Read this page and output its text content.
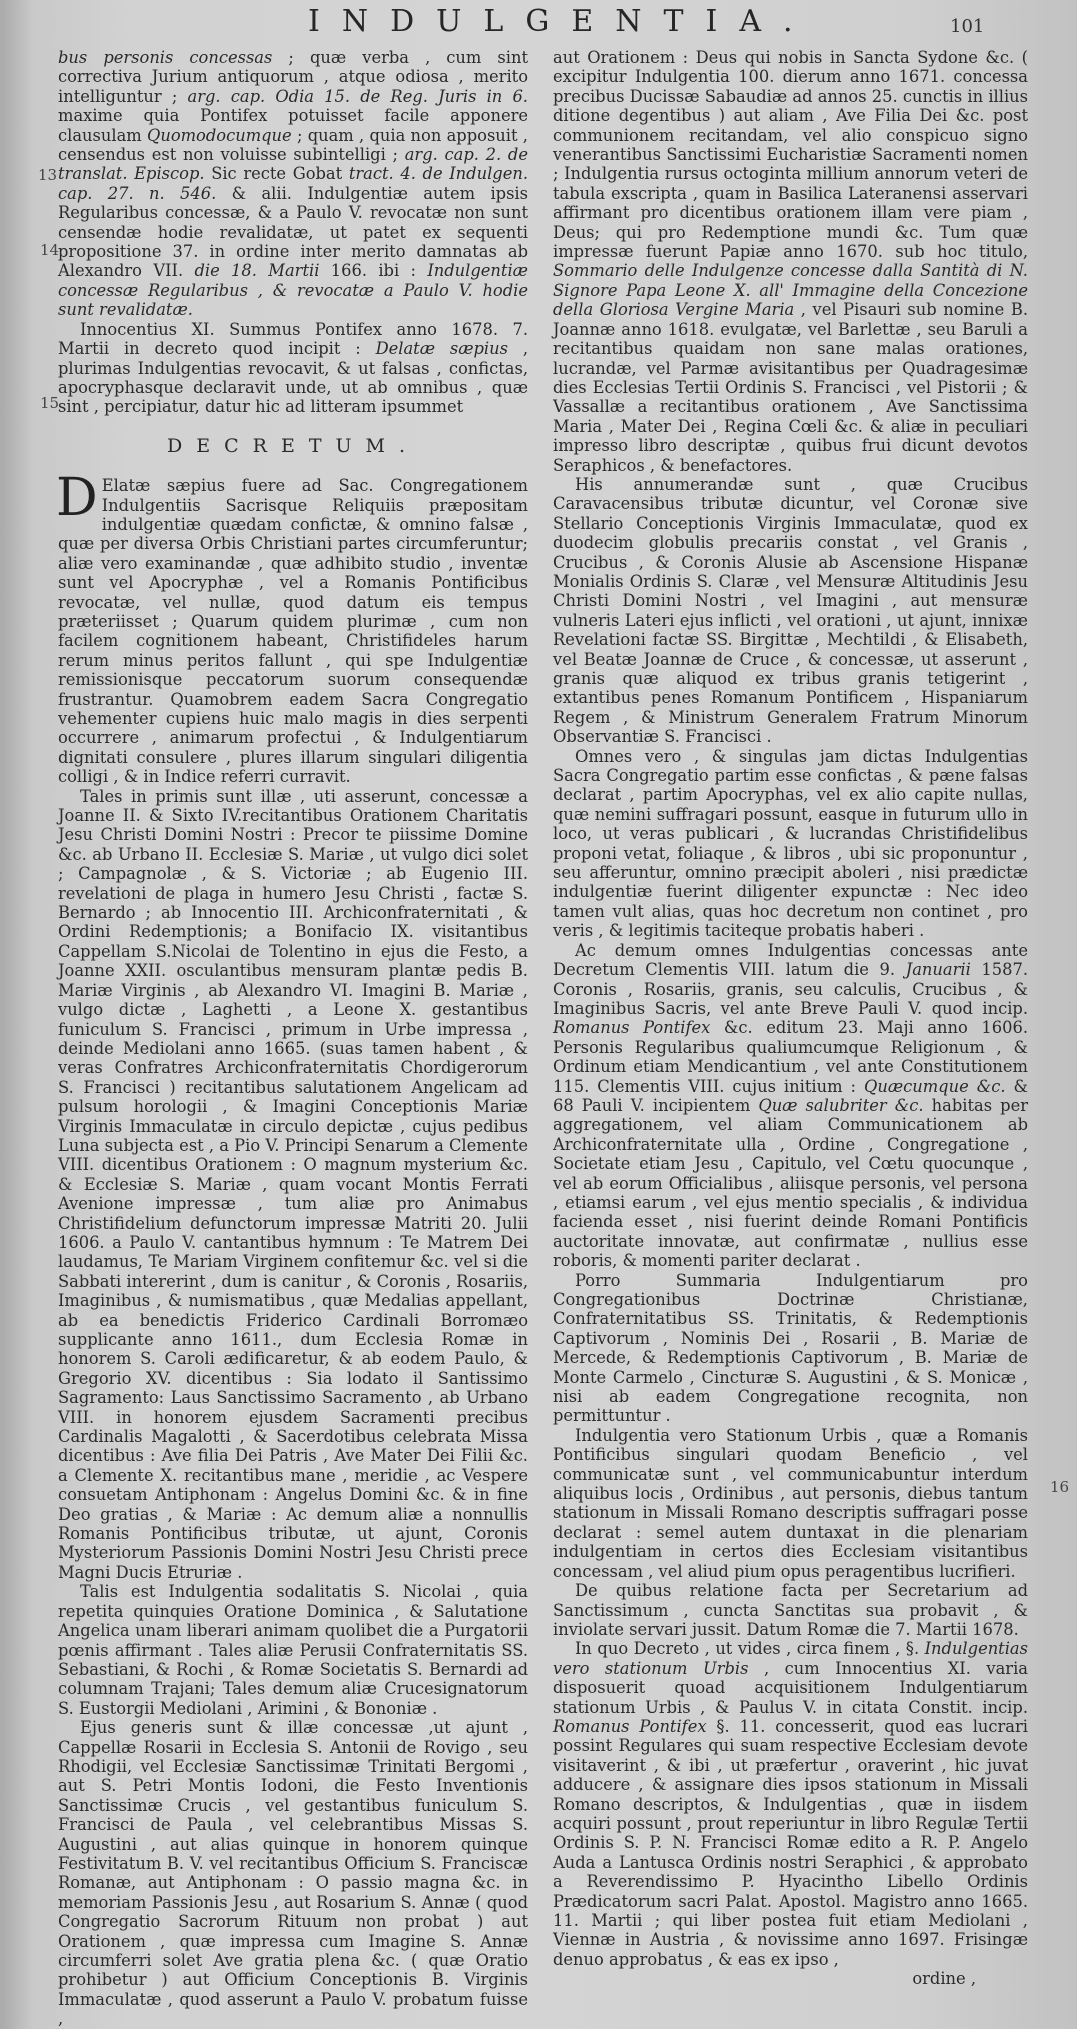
INDULGENTIA.	101
13
14
15
16

bus personis concessas ; quæ verba , cum sint correctiva Jurium antiquorum , atque odiosa , merito intelliguntur ; arg. cap. Odia 15. de Reg. Juris in 6. maxime quia Pontifex potuisset facile apponere clausulam Quomodocumque ; quam , quia non apposuit , censendus est non voluisse subintelligi ; arg. cap. 2. de translat. Episcop. Sic recte Gobat tract. 4. de Indulgen. cap. 27. n. 546. & alii. Indulgentiæ autem ipsis Regularibus concessæ, & a Paulo V. revocatæ non sunt censendæ hodie revalidatæ, ut patet ex sequenti propositione 37. in ordine inter merito damnatas ab Alexandro VII. die 18. Martii 166. ibi : Indulgentiæ concessæ Regularibus , & revocatæ a Paulo V. hodie sunt revalidatæ.

Innocentius XI. Summus Pontifex anno 1678. 7. Martii in decreto quod incipit : Delatæ sæpius , plurimas Indulgentias revocavit, & ut falsas , confictas, apocryphasque declaravit unde, ut ab omnibus , quæ sint , percipiatur, datur hic ad litteram ipsummet

DECRETUM.

D Elatæ sæpius fuere ad Sac. Congregationem Indulgentiis Sacrisque Reliquiis præpositam indulgentiæ quædam confictæ, & omnino falsæ , quæ per diversa Orbis Christiani partes circumferuntur; aliæ vero examinandæ , quæ adhibito studio , inventæ sunt vel Apocryphæ , vel a Romanis Pontificibus revocatæ, vel nullæ, quod datum eis tempus præteriisset ; Quarum quidem plurimæ , cum non facilem cognitionem habeant, Christifideles harum rerum minus peritos fallunt , qui spe Indulgentiæ remissionisque peccatorum suorum consequendæ frustrantur. Quamobrem eadem Sacra Congregatio vehementer cupiens huic malo magis in dies serpenti occurrere , animarum profectui , & Indulgentiarum dignitati consulere , plures illarum singulari diligentia colligi , & in Indice referri curravit.

Tales in primis sunt illæ , uti asserunt, concessæ a Joanne II. & Sixto IV.recitantibus Orationem Charitatis Jesu Christi Domini Nostri : Precor te piissime Domine &c. ab Urbano II. Ecclesiæ S. Mariæ , ut vulgo dici solet ; Campagnolæ , & S. Victoriæ ; ab Eugenio III. revelationi de plaga in humero Jesu Christi , factæ S. Bernardo ; ab Innocentio III. Archiconfraternitati , & Ordini Redemptionis; a Bonifacio IX. visitantibus Cappellam S.Nicolai de Tolentino in ejus die Festo, a Joanne XXII. osculantibus mensuram plantæ pedis B. Mariæ Virginis , ab Alexandro VI. Imagini B. Mariæ , vulgo dictæ , Laghetti , a Leone X. gestantibus funiculum S. Francisci , primum in Urbe impressa , deinde Mediolani anno 1665. (suas tamen habent , & veras Confratres Archiconfraternitatis Chordigerorum S. Francisci ) recitantibus salutationem Angelicam ad pulsum horologii , & Imagini Conceptionis Mariæ Virginis Immaculatæ in circulo depictæ , cujus pedibus Luna subjecta est , a Pio V. Principi Senarum a Clemente VIII. dicentibus Orationem : O magnum mysterium &c. & Ecclesiæ S. Mariæ , quam vocant Montis Ferrati Avenione impressæ , tum aliæ pro Animabus Christifidelium defunctorum impressæ Matriti 20. Julii 1606. a Paulo V. cantantibus hymnum : Te Matrem Dei laudamus, Te Mariam Virginem confitemur &c. vel si die Sabbati intererint , dum is canitur , & Coronis , Rosariis, Imaginibus , & numismatibus , quæ Medalias appellant, ab ea benedictis Friderico Cardinali Borromæo supplicante anno 1611., dum Ecclesia Romæ in honorem S. Caroli ædificaretur, & ab eodem Paulo, & Gregorio XV. dicentibus : Sia lodato il Santissimo Sagramento: Laus Sanctissimo Sacramento , ab Urbano VIII. in honorem ejusdem Sacramenti precibus Cardinalis Magalotti , & Sacerdotibus celebrata Missa dicentibus : Ave filia Dei Patris , Ave Mater Dei Filii &c. a Clemente X. recitantibus mane , meridie , ac Vespere consuetam Antiphonam : Angelus Domini &c. & in fine Deo gratias , & Mariæ : Ac demum aliæ a nonnullis Romanis Pontificibus tributæ, ut ajunt, Coronis Mysteriorum Passionis Domini Nostri Jesu Christi prece Magni Ducis Etruriæ .

Talis est Indulgentia sodalitatis S. Nicolai , quia repetita quinquies Oratione Dominica , & Salutatione Angelica unam liberari animam quolibet die a Purgatorii pœnis affirmant . Tales aliæ Perusii Confraternitatis SS. Sebastiani, & Rochi , & Romæ Societatis S. Bernardi ad columnam Trajani; Tales demum aliæ Crucesignatorum S. Eustorgii Mediolani , Arimini , & Bononiæ .

Ejus generis sunt & illæ concessæ ,ut ajunt , Cappellæ Rosarii in Ecclesia S. Antonii de Rovigo , seu Rhodigii, vel Ecclesiæ Sanctissimæ Trinitati Bergomi , aut S. Petri Montis Iodoni, die Festo Inventionis Sanctissimæ Crucis , vel gestantibus funiculum S. Francisci de Paula , vel celebrantibus Missas S. Augustini , aut alias quinque in honorem quinque Festivitatum B. V. vel recitantibus Officium S. Franciscæ Romanæ, aut Antiphonam : O passio magna &c. in memoriam Passionis Jesu , aut Rosarium S. Annæ ( quod Congregatio Sacrorum Rituum non probat ) aut Orationem , quæ impressa cum Imagine S. Annæ circumferri solet Ave gratia plena &c. ( quæ Oratio prohibetur ) aut Officium Conceptionis B. Virginis Immaculatæ , quod asserunt a Paulo V. probatum fuisse ,

aut Orationem : Deus qui nobis in Sancta Sydone &c. ( excipitur Indulgentia 100. dierum anno 1671. concessa precibus Ducissæ Sabaudiæ ad annos 25. cunctis in illius ditione degentibus ) aut aliam , Ave Filia Dei &c. post communionem recitandam, vel alio conspicuo signo venerantibus Sanctissimi Eucharistiæ Sacramenti nomen ; Indulgentia rursus octoginta millium annorum veteri de tabula exscripta , quam in Basilica Lateranensi asservari affirmant pro dicentibus orationem illam vere piam , Deus; qui pro Redemptione mundi &c. Tum quæ impressæ fuerunt Papiæ anno 1670. sub hoc titulo, Sommario delle Indulgenze concesse dalla Santità di N. Signore Papa Leone X. all' Immagine della Concezione della Gloriosa Vergine Maria , vel Pisauri sub nomine B. Joannæ anno 1618. evulgatæ, vel Barlettæ , seu Baruli a recitantibus quaidam non sane malas orationes, lucrandæ, vel Parmæ avisitantibus per Quadragesimæ dies Ecclesias Tertii Ordinis S. Francisci , vel Pistorii ; & Vassallæ a recitantibus orationem , Ave Sanctissima Maria , Mater Dei , Regina Cœli &c. & aliæ in peculiari impresso libro descriptæ , quibus frui dicunt devotos Seraphicos , & benefactores.

His annumerandæ sunt , quæ Crucibus Caravacensibus tributæ dicuntur, vel Coronæ sive Stellario Conceptionis Virginis Immaculatæ, quod ex duodecim globulis precariis constat , vel Granis , Crucibus , & Coronis Alusie ab Ascensione Hispanæ Monialis Ordinis S. Claræ , vel Mensuræ Altitudinis Jesu Christi Domini Nostri , vel Imagini , aut mensuræ vulneris Lateri ejus inflicti , vel orationi , ut ajunt, innixæ Revelationi factæ SS. Birgittæ , Mechtildi , & Elisabeth, vel Beatæ Joannæ de Cruce , & concessæ, ut asserunt , granis quæ aliquod ex tribus granis tetigerint , extantibus penes Romanum Pontificem , Hispaniarum Regem , & Ministrum Generalem Fratrum Minorum Observantiæ S. Francisci .

Omnes vero , & singulas jam dictas Indulgentias Sacra Congregatio partim esse confictas , & pæne falsas declarat , partim Apocryphas, vel ex alio capite nullas, quæ nemini suffragari possunt, easque in futurum ullo in loco, ut veras publicari , & lucrandas Christifidelibus proponi vetat, foliaque , & libros , ubi sic proponuntur , seu afferuntur, omnino præcipit aboleri , nisi prædictæ indulgentiæ fuerint diligenter expunctæ : Nec ideo tamen vult alias, quas hoc decretum non continet , pro veris , & legitimis taciteque probatis haberi .

Ac demum omnes Indulgentias concessas ante Decretum Clementis VIII. latum die 9. Januarii 1587. Coronis , Rosariis, granis, seu calculis, Crucibus , & Imaginibus Sacris, vel ante Breve Pauli V. quod incip. Romanus Pontifex &c. editum 23. Maji anno 1606. Personis Regularibus qualiumcumque Religionum , & Ordinum etiam Mendicantium , vel ante Constitutionem 115. Clementis VIII. cujus initium : Quæcumque &c. & 68 Pauli V. incipientem Quæ salubriter &c. habitas per aggregationem, vel aliam Communicationem ab Archiconfraternitate ulla , Ordine , Congregatione , Societate etiam Jesu , Capitulo, vel Cœtu quocunque , vel ab eorum Officialibus , aliisque personis, vel persona , etiamsi earum , vel ejus mentio specialis , & individua facienda esset , nisi fuerint deinde Romani Pontificis auctoritate innovatæ, aut confirmatæ , nullius esse roboris, & momenti pariter declarat .

Porro Summaria Indulgentiarum pro Congregationibus Doctrinæ Christianæ, Confraternitatibus SS. Trinitatis, & Redemptionis Captivorum , Nominis Dei , Rosarii , B. Mariæ de Mercede, & Redemptionis Captivorum , B. Mariæ de Monte Carmelo , Cincturæ S. Augustini , & S. Monicæ , nisi ab eadem Congregatione recognita, non permittuntur .

Indulgentia vero Stationum Urbis , quæ a Romanis Pontificibus singulari quodam Beneficio , vel communicatæ sunt , vel communicabuntur interdum aliquibus locis , Ordinibus , aut personis, diebus tantum stationum in Missali Romano descriptis suffragari posse declarat : semel autem duntaxat in die plenariam indulgentiam in certos dies Ecclesiam visitantibus concessam , vel aliud pium opus peragentibus lucrifieri.

De quibus relatione facta per Secretarium ad Sanctissimum , cuncta Sanctitas sua probavit , & inviolate servari jussit. Datum Romæ die 7. Martii 1678.

In quo Decreto , ut vides , circa finem , §. Indulgentias vero stationum Urbis , cum Innocentius XI. varia disposuerit quoad acquisitionem Indulgentiarum stationum Urbis , & Paulus V. in citata Constit. incip. Romanus Pontifex §. 11. concesserit, quod eas lucrari possint Regulares qui suam respective Ecclesiam devote visitaverint , & ibi , ut præfertur , oraverint , hic juvat adducere , & assignare dies ipsos stationum in Missali Romano descriptos, & Indulgentias , quæ in iisdem acquiri possunt , prout reperiuntur in libro Regulæ Tertii Ordinis S. P. N. Francisci Romæ edito a R. P. Angelo Auda a Lantusca Ordinis nostri Seraphici , & approbato a Reverendissimo P. Hyacintho Libello Ordinis Prædicatorum sacri Palat. Apostol. Magistro anno 1665. 11. Martii ; qui liber postea fuit etiam Mediolani , Viennæ in Austria , & novissime anno 1697. Frisingæ denuo approbatus , & eas ex ipso ,

ordine ,
